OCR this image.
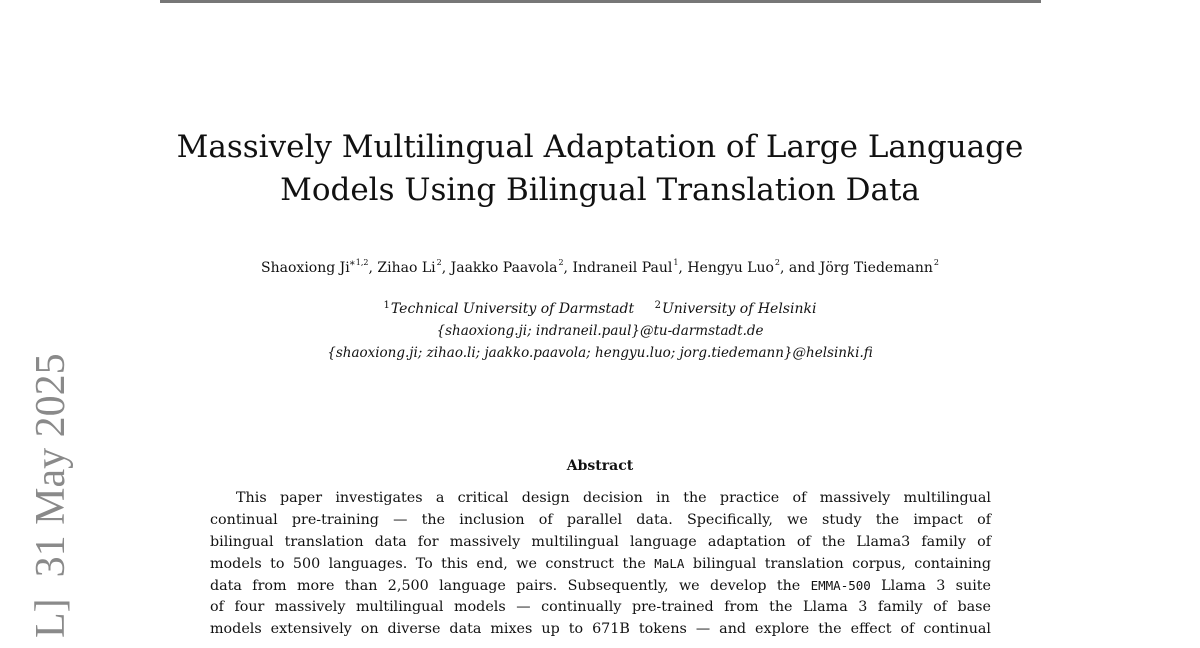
L]  31 May 2025
Massively Multilingual Adaptation of Large Language
Models Using Bilingual Translation Data
Shaoxiong Ji$^{*1,2}$, Zihao Li$^2$, Jaakko Paavola$^2$, Indraneil Paul$^1$, Hengyu Luo$^2$, and Jörg Tiedemann$^2$
$^1$Technical University of Darmstadt $^2$University of Helsinki
{shaoxiong.ji; indraneil.paul}@tu-darmstadt.de
{shaoxiong.ji; zihao.li; jaakko.paavola; hengyu.luo; jorg.tiedemann}@helsinki.fi
Abstract
This paper investigates a critical design decision in the practice of massively multilingual
continual pre-training — the inclusion of parallel data. Specifically, we study the impact of
bilingual translation data for massively multilingual language adaptation of the Llama3 family of
models to 500 languages. To this end, we construct the MaLA bilingual translation corpus, containing
data from more than 2,500 language pairs. Subsequently, we develop the EMMA-500 Llama 3 suite
of four massively multilingual models — continually pre-trained from the Llama 3 family of base
models extensively on diverse data mixes up to 671B tokens — and explore the effect of continual
